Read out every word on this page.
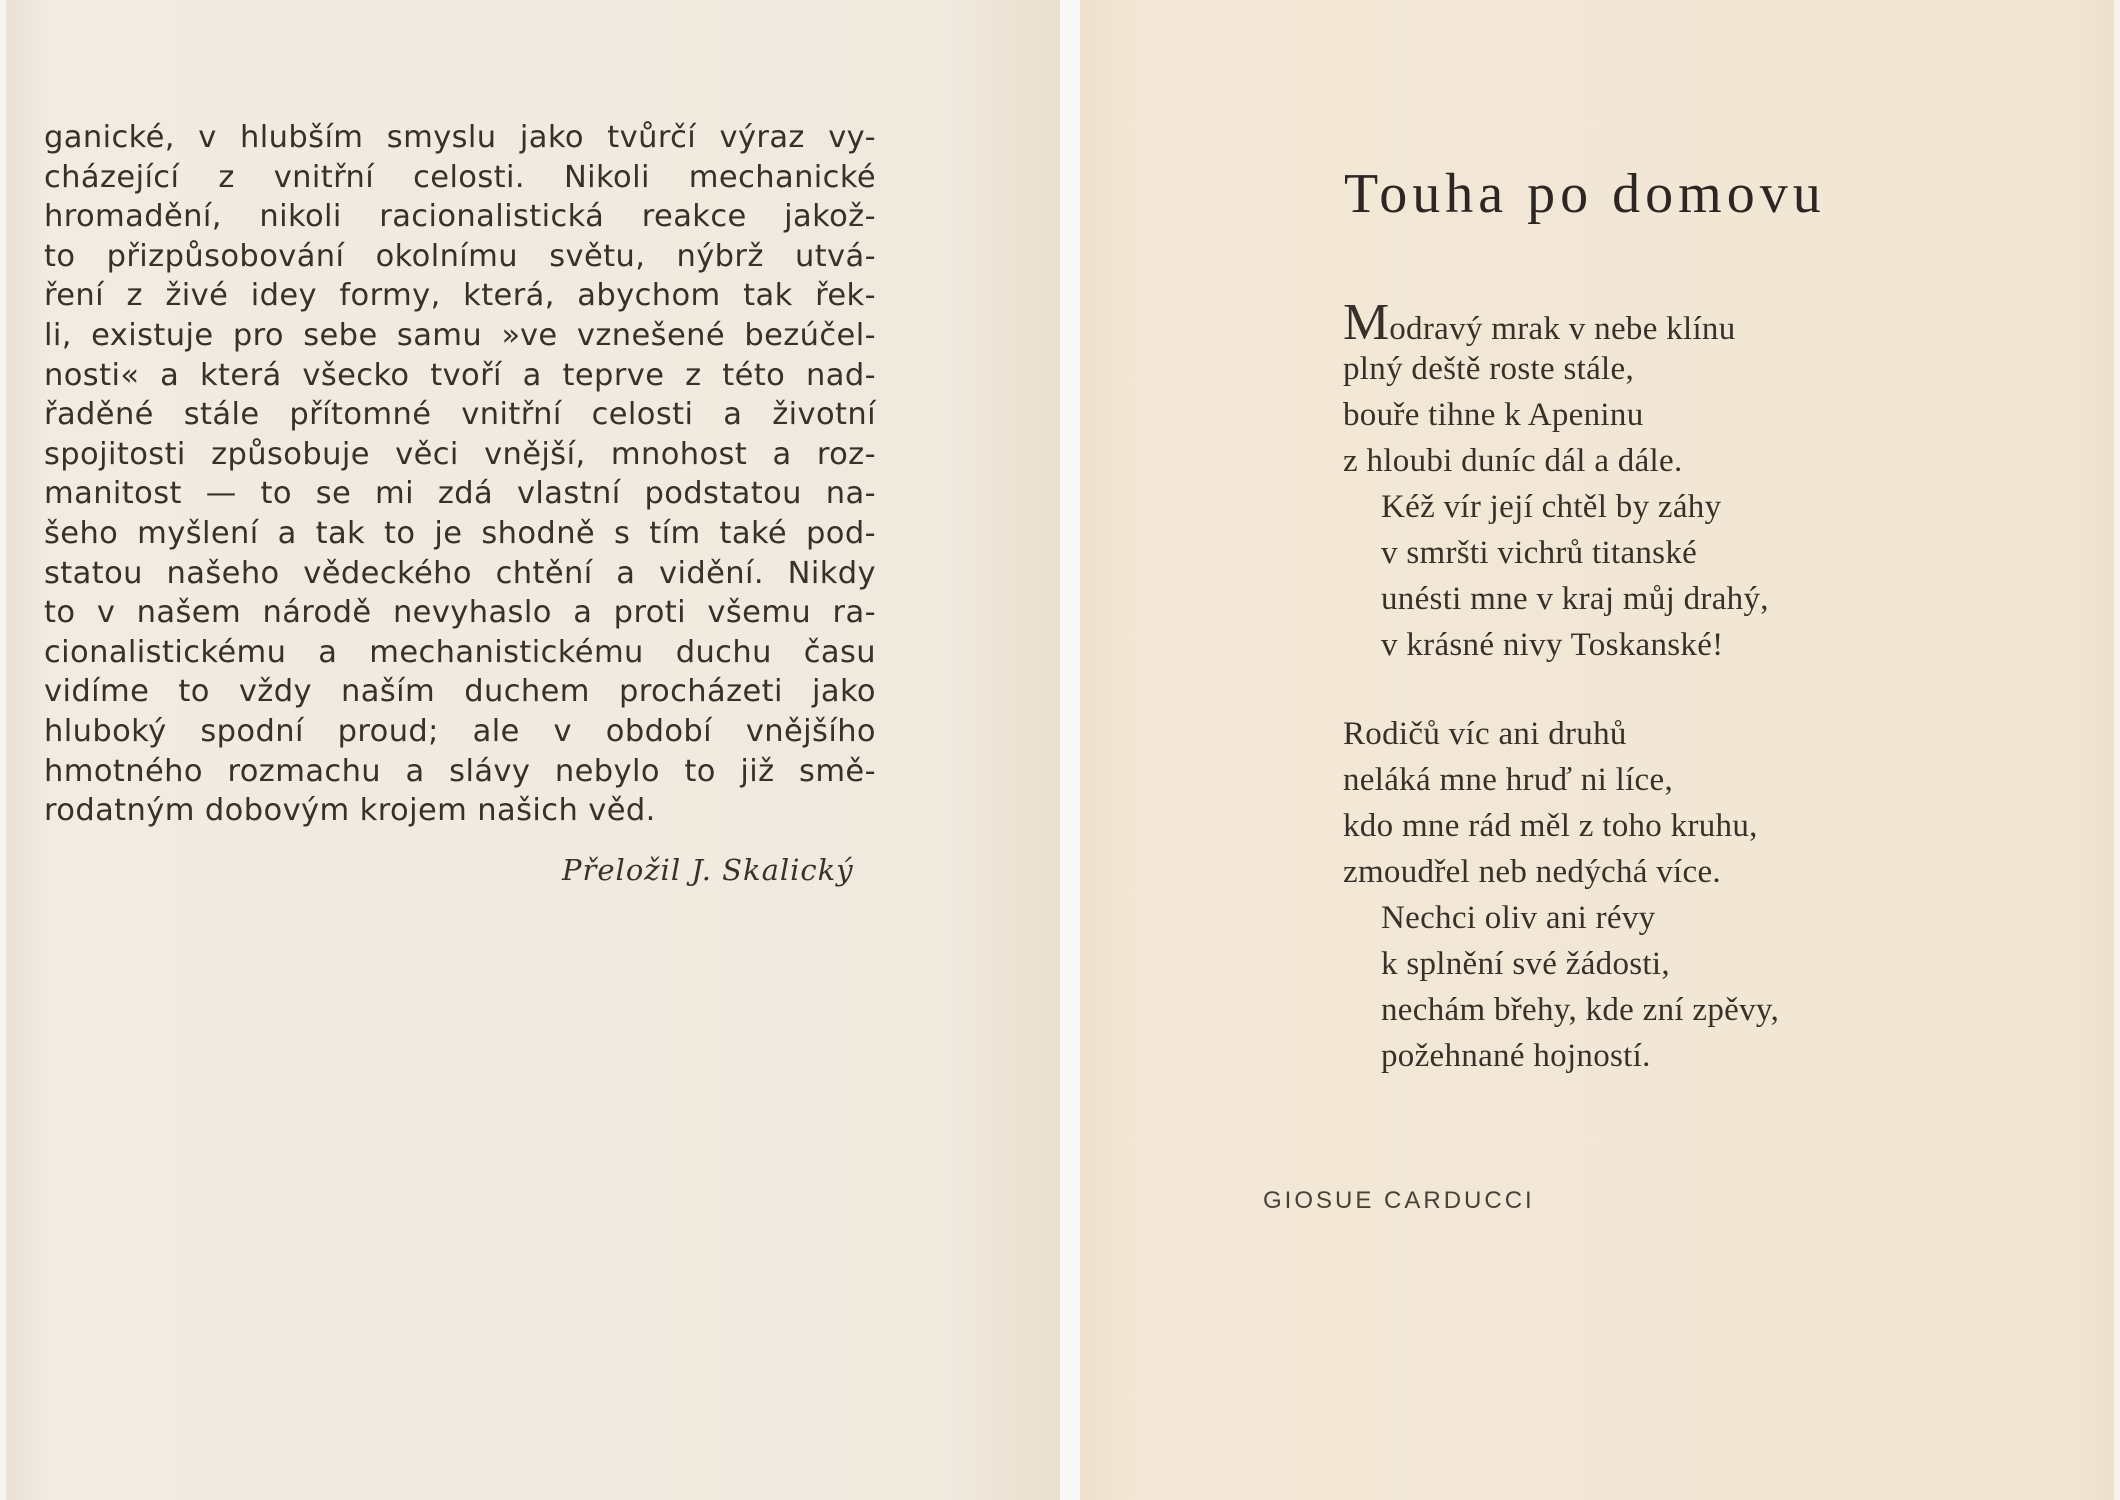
ganické, v hlubším smyslu jako tvůrčí výraz vy-
cházející z vnitřní celosti. Nikoli mechanické
hromadění, nikoli racionalistická reakce jakož-
to přizpůsobování okolnímu světu, nýbrž utvá-
ření z živé idey formy, která, abychom tak řek-
li, existuje pro sebe samu »ve vznešené bezúčel-
nosti« a která všecko tvoří a teprve z této nad-
řaděné stále přítomné vnitřní celosti a životní
spojitosti způsobuje věci vnější, mnohost a roz-
manitost — to se mi zdá vlastní podstatou na-
šeho myšlení a tak to je shodně s tím také pod-
statou našeho vědeckého chtění a vidění. Nikdy
to v našem národě nevyhaslo a proti všemu ra-
cionalistickému a mechanistickému duchu času
vidíme to vždy naším duchem procházeti jako
hluboký spodní proud; ale v období vnějšího
hmotného rozmachu a slávy nebylo to již smě-
rodatným dobovým krojem našich věd.
Přeložil J. Skalický
Touha po domovu
Modravý mrak v nebe klínu
plný deště roste stále,
bouře tihne k Apeninu
z hloubi duníc dál a dále.
Kéž vír její chtěl by záhy
v smršti vichrů titanské
unésti mne v kraj můj drahý,
v krásné nivy Toskanské!
Rodičů víc ani druhů
neláká mne hruď ni líce,
kdo mne rád měl z toho kruhu,
zmoudřel neb nedýchá více.
Nechci oliv ani révy
k splnění své žádosti,
nechám břehy, kde zní zpěvy,
požehnané hojností.
GIOSUE CARDUCCI
